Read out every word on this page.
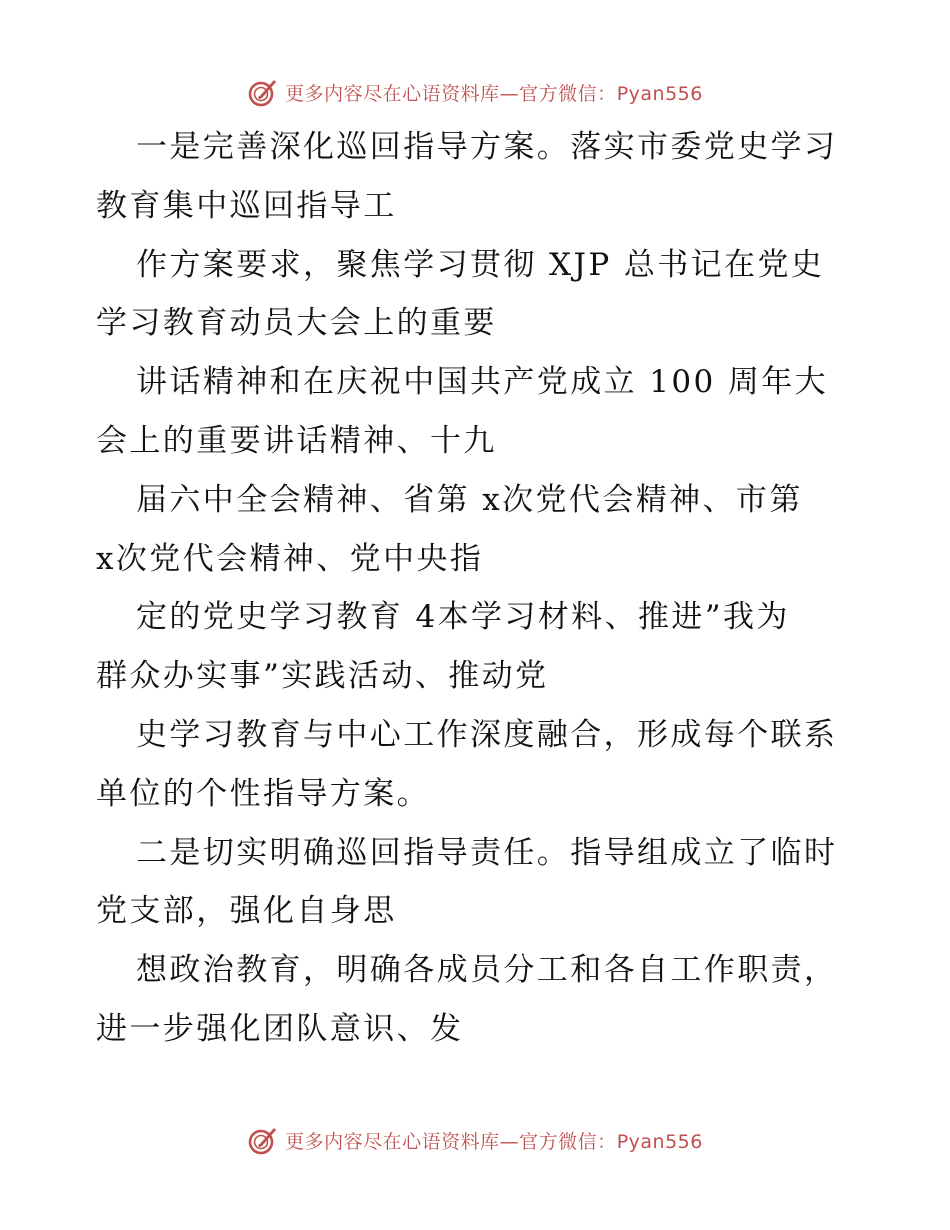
更多内容尽在心语资料库—官方微信：Pyan556
一是完善深化巡回指导方案。落实市委党史学习
教育集中巡回指导工
作方案要求，聚焦学习贯彻 XJP 总书记在党史
学习教育动员大会上的重要
讲话精神和在庆祝中国共产党成立 100 周年大
会上的重要讲话精神、十九
届六中全会精神、省第 x次党代会精神、市第
x次党代会精神、党中央指
定的党史学习教育 4本学习材料、推进”我为
群众办实事”实践活动、推动党
史学习教育与中心工作深度融合，形成每个联系
单位的个性指导方案。
二是切实明确巡回指导责任。指导组成立了临时
党支部，强化自身思
想政治教育，明确各成员分工和各自工作职责，
进一步强化团队意识、发
更多内容尽在心语资料库—官方微信：Pyan556
